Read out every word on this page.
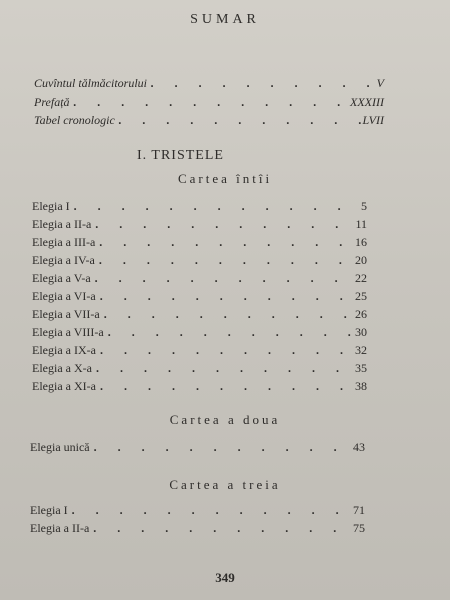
SUMAR
Cuvîntul tălmăcitorului . . .	V
Prefață . . .	XXXIII
Tabel cronologic . . .	LVII
I. TRISTELE
Cartea întîi
Elegia I . . .	5
Elegia a II-a . . .	11
Elegia a III-a . . .	16
Elegia a IV-a . . .	20
Elegia a V-a . . .	22
Elegia a VI-a . . .	25
Elegia a VII-a . . .	26
Elegia a VIII-a . . .	30
Elegia a IX-a . . .	32
Elegia a X-a . . .	35
Elegia a XI-a . . .	38
Cartea a doua
Elegia unică . . .	43
Cartea a treia
Elegia I . . .	71
Elegia a II-a . . .	75
349
